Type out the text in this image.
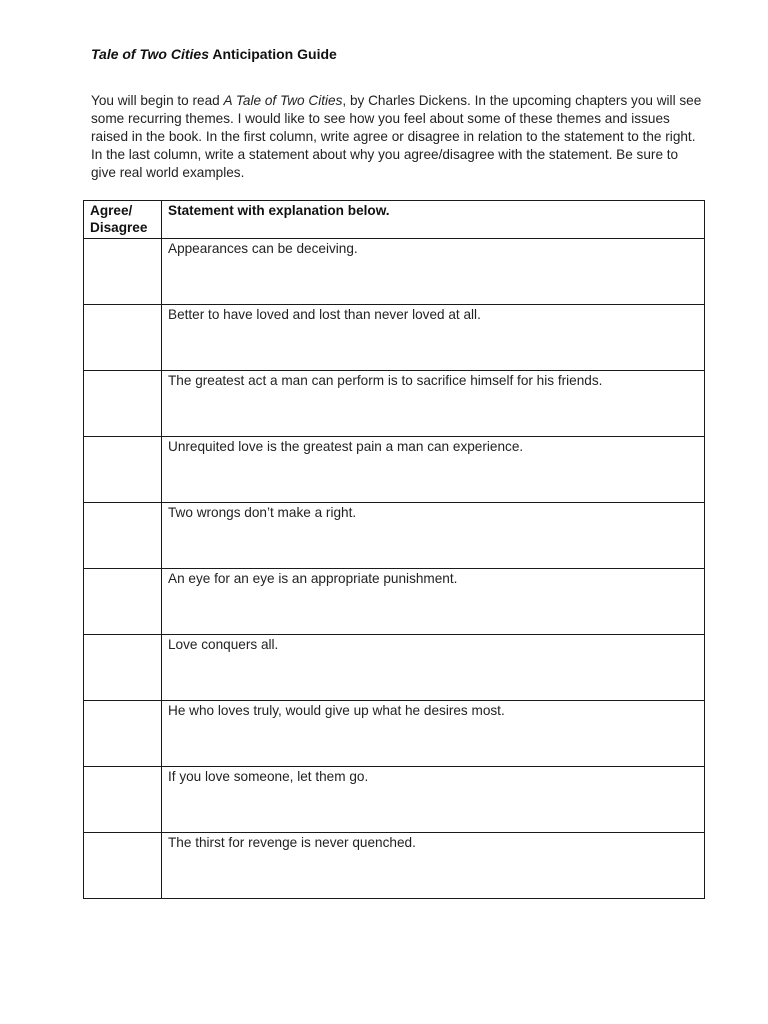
Tale of Two Cities Anticipation Guide
You will begin to read A Tale of Two Cities, by Charles Dickens. In the upcoming chapters you will see some recurring themes. I would like to see how you feel about some of these themes and issues raised in the book. In the first column, write agree or disagree in relation to the statement to the right. In the last column, write a statement about why you agree/disagree with the statement. Be sure to give real world examples.
Agree/
Disagree	Statement with explanation below.

	Appearances can be deceiving.

	Better to have loved and lost than never loved at all.

	The greatest act a man can perform is to sacrifice himself for his friends.

	Unrequited love is the greatest pain a man can experience.

	Two wrongs don’t make a right.

	An eye for an eye is an appropriate punishment.

	Love conquers all.

	He who loves truly, would give up what he desires most.

	If you love someone, let them go.

	The thirst for revenge is never quenched.
